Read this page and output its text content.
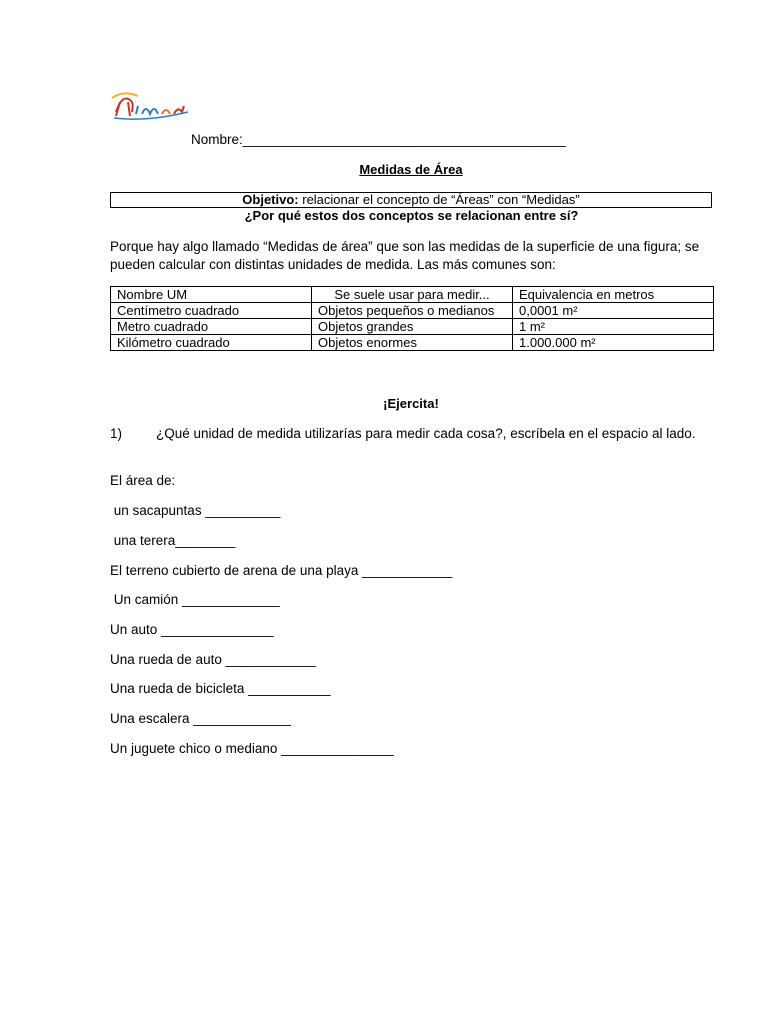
Nombre:___________________________________________
Medidas de Área
Objetivo: relacionar el concepto de “Áreas” con “Medidas”
¿Por qué estos dos conceptos se relacionan entre sí?
Porque hay algo llamado “Medidas de área” que son las medidas de la superficie de una figura; se pueden calcular con distintas unidades de medida. Las más comunes son:
Nombre UM	Se suele usar para medir...	Equivalencia en metros
Centímetro cuadrado	Objetos pequeños o medianos	0,0001 m²
Metro cuadrado	Objetos grandes	1 m²
Kilómetro cuadrado	Objetos enormes	1.000.000 m²
¡Ejercita!
1)	¿Qué unidad de medida utilizarías para medir cada cosa?, escríbela en el espacio al lado.
El área de:
un sacapuntas __________
una terera________
El terreno cubierto de arena de una playa ____________
Un camión _____________
Un auto _______________
Una rueda de auto ____________
Una rueda de bicicleta ___________
Una escalera _____________
Un juguete chico o mediano _______________
